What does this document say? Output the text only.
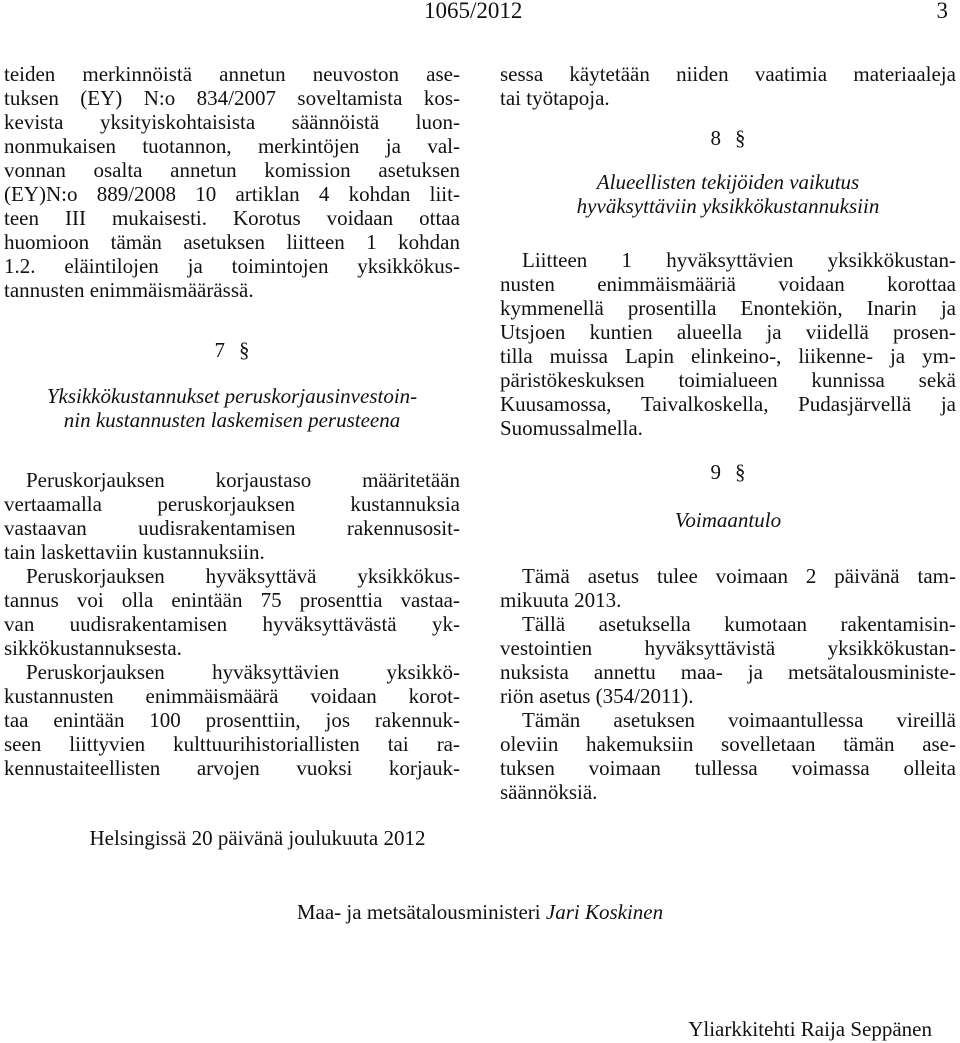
1065/2012	3
teiden merkinnöistä annetun neuvoston ase-
tuksen (EY) N:o 834/2007 soveltamista kos-
kevista yksityiskohtaisista säännöistä luon-
nonmukaisen tuotannon, merkintöjen ja val-
vonnan osalta annetun komission asetuksen
(EY)N:o 889/2008 10 artiklan 4 kohdan liit-
teen III mukaisesti. Korotus voidaan ottaa
huomioon tämän asetuksen liitteen 1 kohdan
1.2. eläintilojen ja toimintojen yksikkökus-
tannusten enimmäismäärässä.
7 §
Yksikkökustannukset peruskorjausinvestoin-
nin kustannusten laskemisen perusteena
Peruskorjauksen korjaustaso määritetään
vertaamalla	peruskorjauksen	kustannuksia
vastaavan uudisrakentamisen rakennusosit-
tain laskettaviin kustannuksiin.
Peruskorjauksen hyväksyttävä yksikkökus-
tannus voi olla enintään 75 prosenttia vastaa-
van uudisrakentamisen hyväksyttävästä yk-
sikkökustannuksesta.
Peruskorjauksen hyväksyttävien yksikkö-
kustannusten enimmäismäärä voidaan korot-
taa enintään 100 prosenttiin, jos rakennuk-
seen liittyvien kulttuurihistoriallisten tai ra-
kennustaiteellisten arvojen vuoksi korjauk-
sessa käytetään niiden vaatimia materiaaleja
tai työtapoja.
8 §
Alueellisten tekijöiden vaikutus
hyväksyttäviin yksikkökustannuksiin
Liitteen 1 hyväksyttävien yksikkökustan-
nusten enimmäismääriä voidaan korottaa
kymmenellä prosentilla Enontekiön, Inarin ja
Utsjoen kuntien alueella ja viidellä prosen-
tilla muissa Lapin elinkeino-, liikenne- ja ym-
päristökeskuksen toimialueen kunnissa sekä
Kuusamossa, Taivalkoskella, Pudasjärvellä ja
Suomussalmella.
9 §
Voimaantulo
Tämä asetus tulee voimaan 2 päivänä tam-
mikuuta 2013.
Tällä asetuksella kumotaan rakentamisin-
vestointien hyväksyttävistä yksikkökustan-
nuksista annettu maa- ja metsätalousministe-
riön asetus (354/2011).
Tämän asetuksen voimaantullessa vireillä
oleviin hakemuksiin sovelletaan tämän ase-
tuksen voimaan tullessa voimassa olleita
säännöksiä.
Helsingissä 20 päivänä joulukuuta 2012
Maa- ja metsätalousministeri Jari Koskinen
Yliarkkitehti Raija Seppänen
